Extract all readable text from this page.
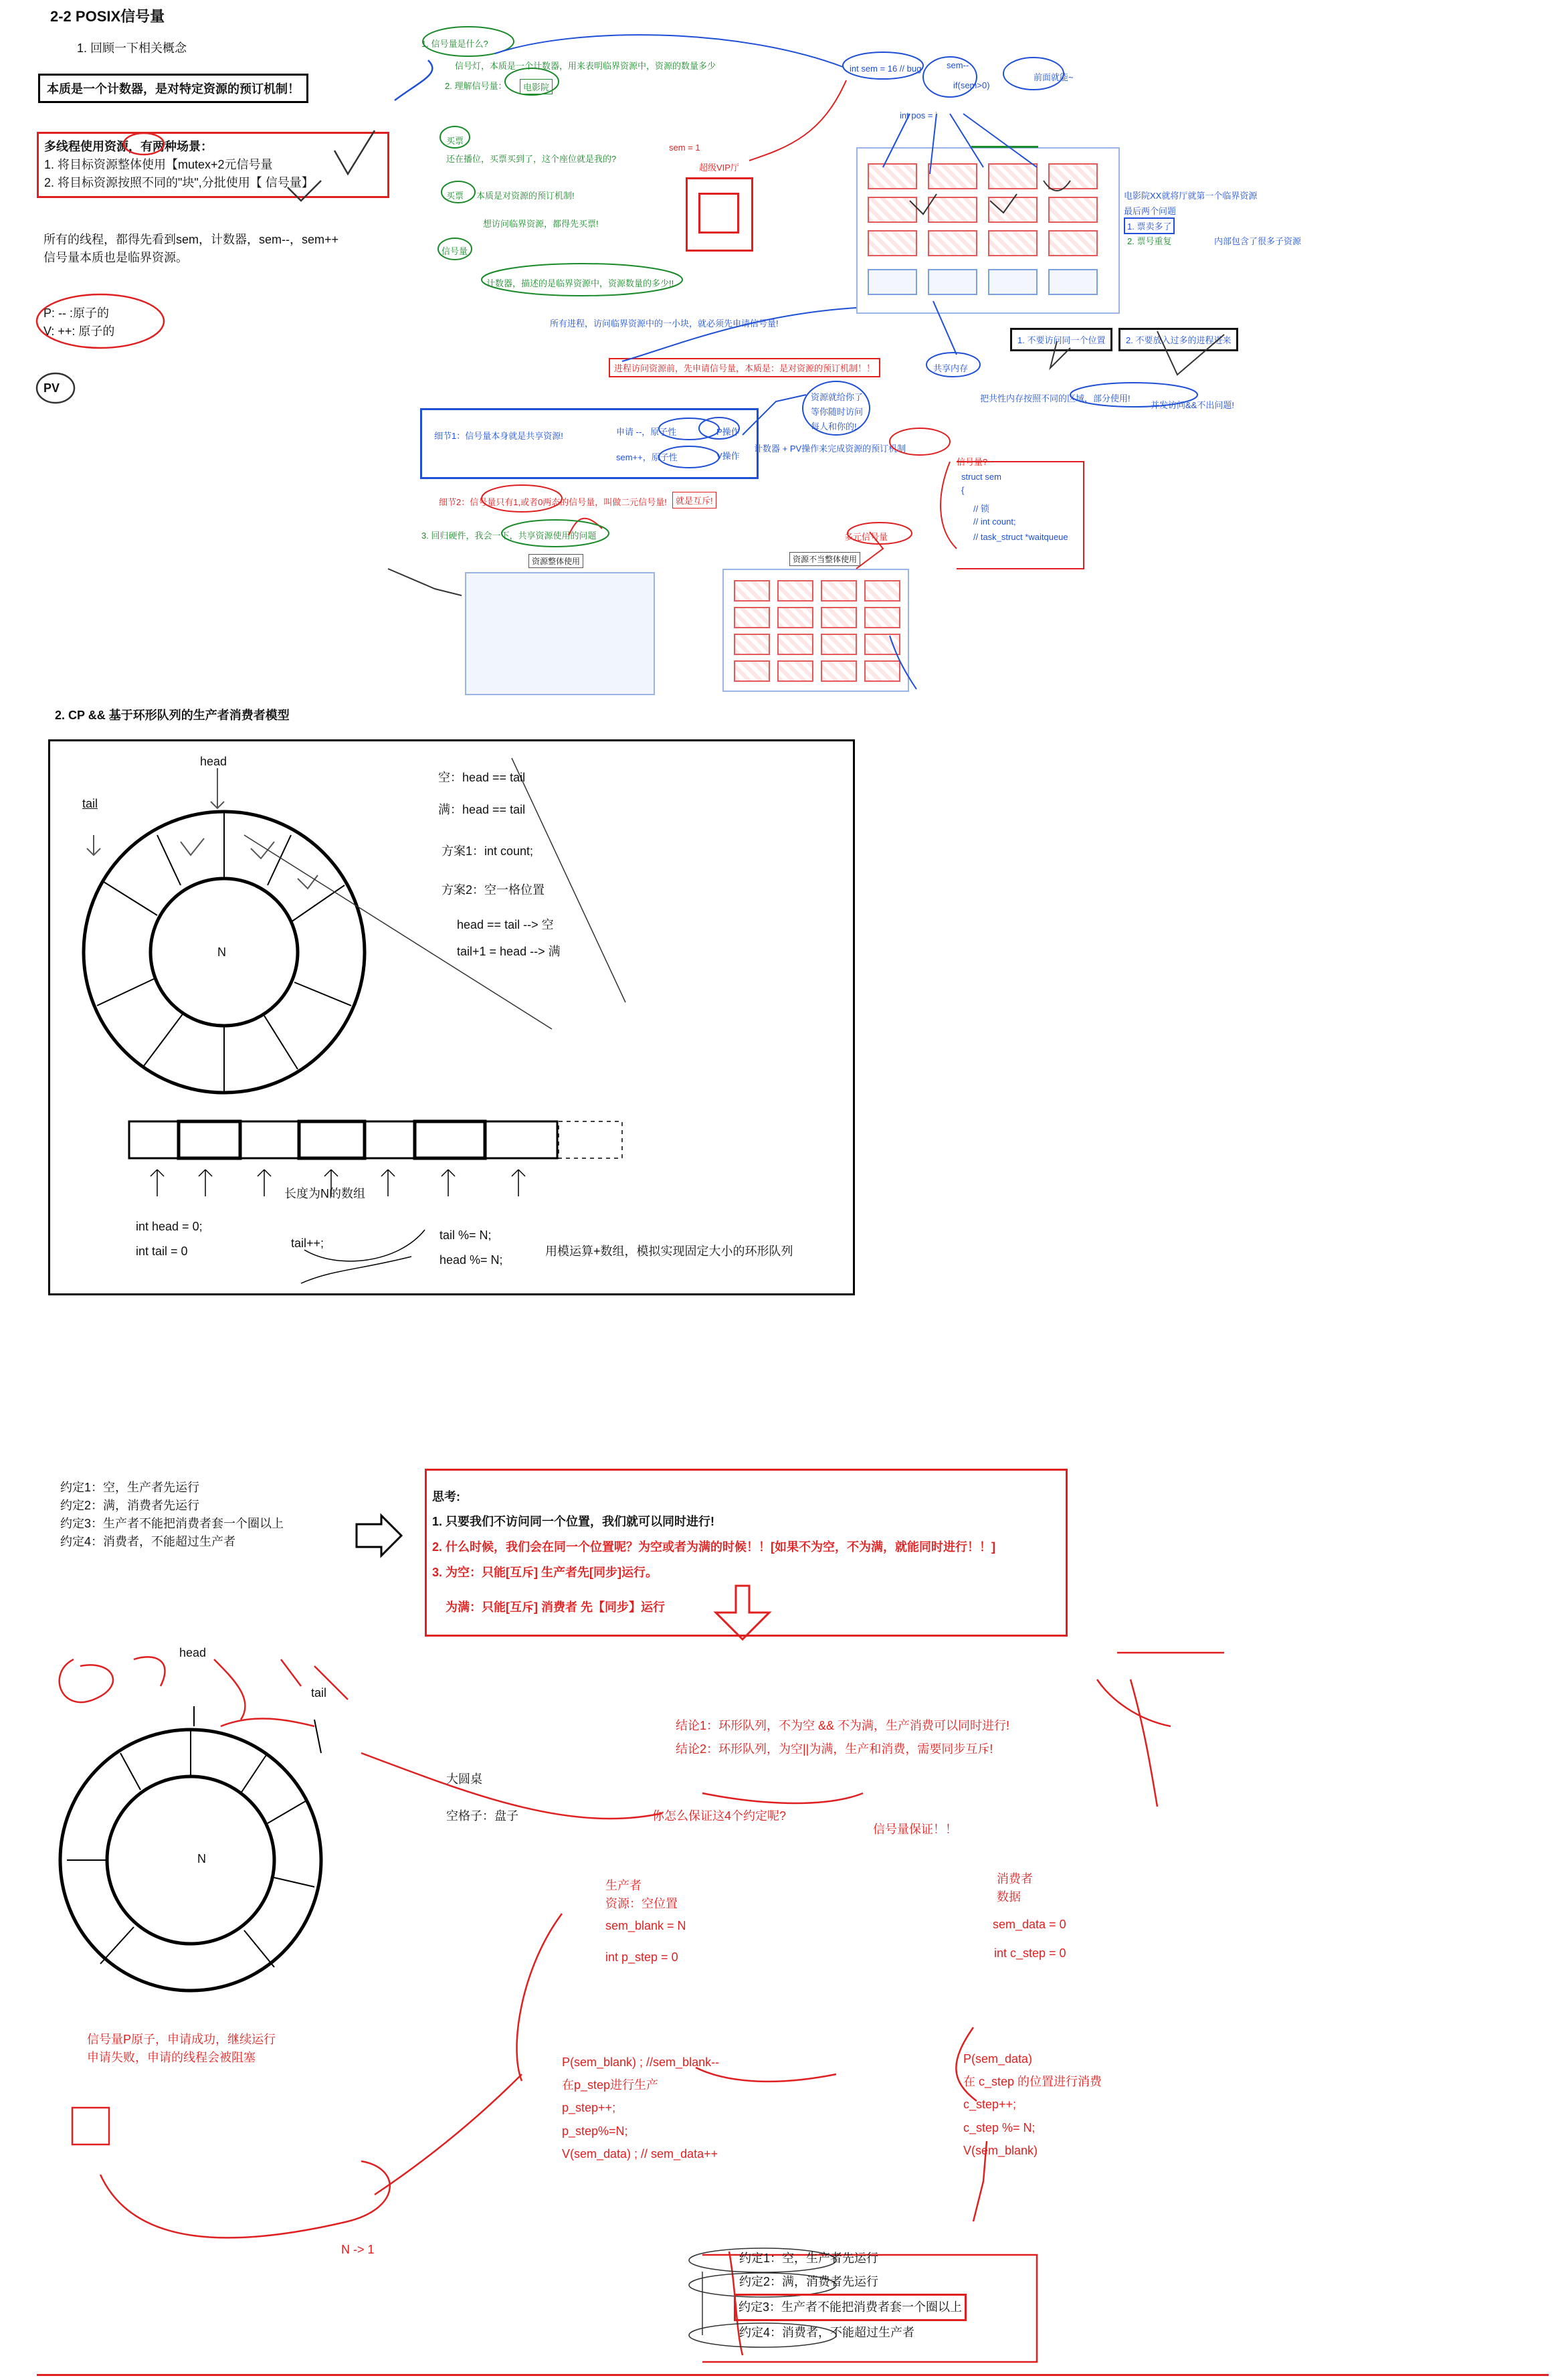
2-2 POSIX信号量
1. 回顾一下相关概念
本质是一个计数器，是对特定资源的预订机制！
多线程使用资源，有两种场景：
1. 将目标资源整体使用【mutex+2元信号量
2. 将目标资源按照不同的"块",分批使用【 信号量】
所有的线程，都得先看到sem，计数器，sem--，sem++
信号量本质也是临界资源。
P: -- :原子的
V: ++: 原子的
PV
1. 信号量是什么?
信号灯，本质是一个计数器，用来表明临界资源中，资源的数量多少
2. 理解信号量：	电影院
买票
还在播位，买票买到了，这个座位就是我的?
买票 本质是对资源的预订机制!
想访问临界资源，都得先买票!
信号量
计数器，描述的是临界资源中，资源数量的多少!!
所有进程，访问临界资源中的一小块，就必须先申请信号量!
进程访问资源前，先申请信号量，本质是：是对资源的预订机制！！
sem = 1
超级VIP厅
int sem = 16 // bug	sem--
if(sem>0)
int pos = i
前面就能~
电影院XX就将厅就第一个临界资源
最后两个问题
1. 票卖多了
2. 票号重复	内部包含了很多子资源
1. 不要访问同一个位置	2. 不要放入过多的进程进来
共享内存
把共性内存按照不同的区域，部分使用!
并发访问&&不出问题!
资源就给你了
等你随时访问
每人和你的!
细节1：信号量本身就是共享资源!	申请 --，原子性	P操作
sem++，原子性	V操作
计数器 + PV操作来完成资源的预订机制
细节2：信号量只有1,或者0两态的信号量，叫做二元信号量!	就是互斥!
3. 回归硬件，我会一下，共享资源使用的问题	多元信号量
资源整体使用	资源不当整体使用
信号量?
struct sem
{
// 锁
// int count;
// task_struct *waitqueue
2. CP && 基于环形队列的生产者消费者模型
head
tail
N
空：head == tail
满：head == tail
方案1：int count;
方案2：空一格位置
head == tail --> 空
tail+1 = head --> 满
长度为N的数组
int head = 0;
int tail = 0
tail++;
tail %= N;
head %= N;
用模运算+数组，模拟实现固定大小的环形队列
约定1：空，生产者先运行
约定2：满，消费者先运行
约定3：生产者不能把消费者套一个圈以上
约定4：消费者，不能超过生产者
思考:
1. 只要我们不访问同一个位置，我们就可以同时进行!
2. 什么时候，我们会在同一个位置呢？为空或者为满的时候！！[如果不为空，不为满，就能同时进行！！]
3. 为空：只能[互斥] 生产者先[同步]运行。
为满：只能[互斥] 消费者 先【同步】运行
结论1：环形队列，不为空 && 不为满，生产消费可以同时进行!
结论2：环形队列，为空||为满，生产和消费，需要同步互斥!
head
tail
N
大圆桌
空格子：盘子	你怎么保证这4个约定呢?
信号量保证！！
生产者
资源：空位置
sem_blank = N
int p_step = 0
消费者
数据
sem_data = 0
int c_step = 0
P(sem_blank) ; //sem_blank--
在p_step进行生产
p_step++;
p_step%=N;
V(sem_data) ; // sem_data++
P(sem_data)
在 c_step 的位置进行消费
c_step++;
c_step %= N;
V(sem_blank)
信号量P原子，申请成功，继续运行
申请失败，申请的线程会被阻塞
N -> 1
约定1：空，生产者先运行
约定2：满，消费者先运行
约定3：生产者不能把消费者套一个圈以上
约定4：消费者，不能超过生产者
